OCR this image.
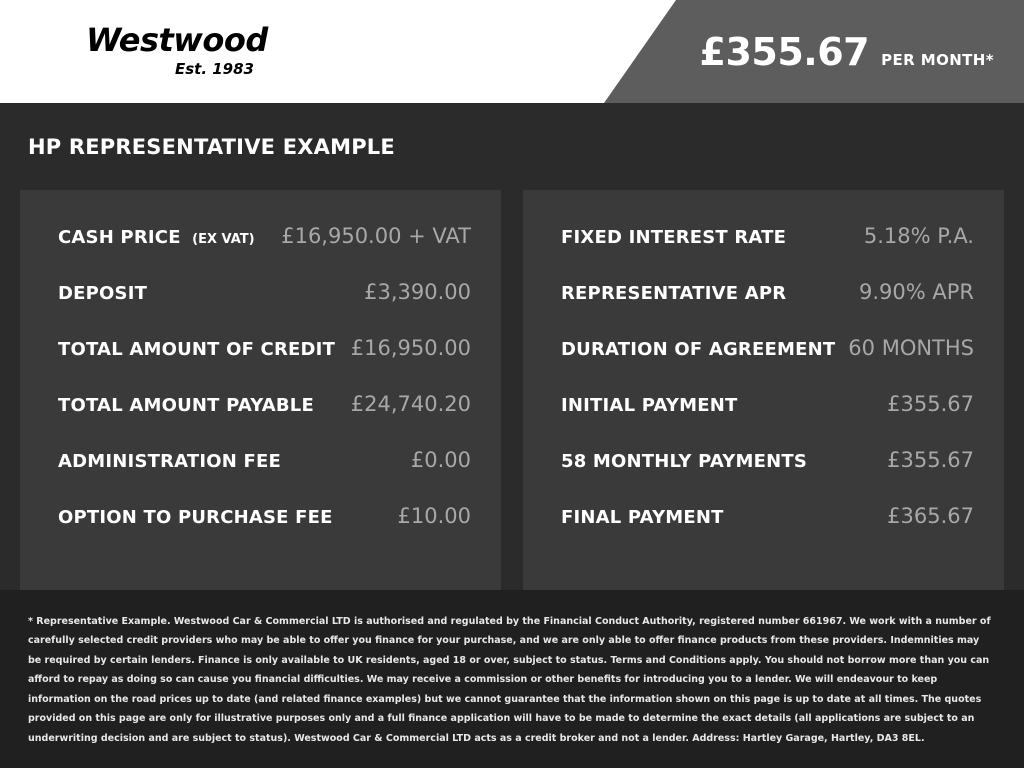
Westwood
Est. 1983	£355.67 PER MONTH*
HP REPRESENTATIVE EXAMPLE
CASH PRICE (EX VAT) £16,950.00 + VAT
DEPOSIT	£3,390.00
TOTAL AMOUNT OF CREDIT £16,950.00
TOTAL AMOUNT PAYABLE £24,740.20
ADMINISTRATION FEE	£0.00
OPTION TO PURCHASE FEE	£10.00
FIXED INTEREST RATE	5.18% P.A.
REPRESENTATIVE APR	9.90% APR
DURATION OF AGREEMENT 60 MONTHS
INITIAL PAYMENT	£355.67
58 MONTHLY PAYMENTS	£355.67
FINAL PAYMENT	£365.67

* Representative Example. Westwood Car & Commercial LTD is authorised and regulated by the Financial Conduct Authority, registered number 661967. We work with a number of carefully selected credit providers who may be able to offer you finance for your purchase, and we are only able to offer finance products from these providers. Indemnities may be required by certain lenders. Finance is only available to UK residents, aged 18 or over, subject to status. Terms and Conditions apply. You should not borrow more than you can afford to repay as doing so can cause you financial difficulties. We may receive a commission or other benefits for introducing you to a lender. We will endeavour to keep information on the road prices up to date (and related finance examples) but we cannot guarantee that the information shown on this page is up to date at all times. The quotes provided on this page are only for illustrative purposes only and a full finance application will have to be made to determine the exact details (all applications are subject to an underwriting decision and are subject to status). Westwood Car & Commercial LTD acts as a credit broker and not a lender. Address: Hartley Garage, Hartley, DA3 8EL.
